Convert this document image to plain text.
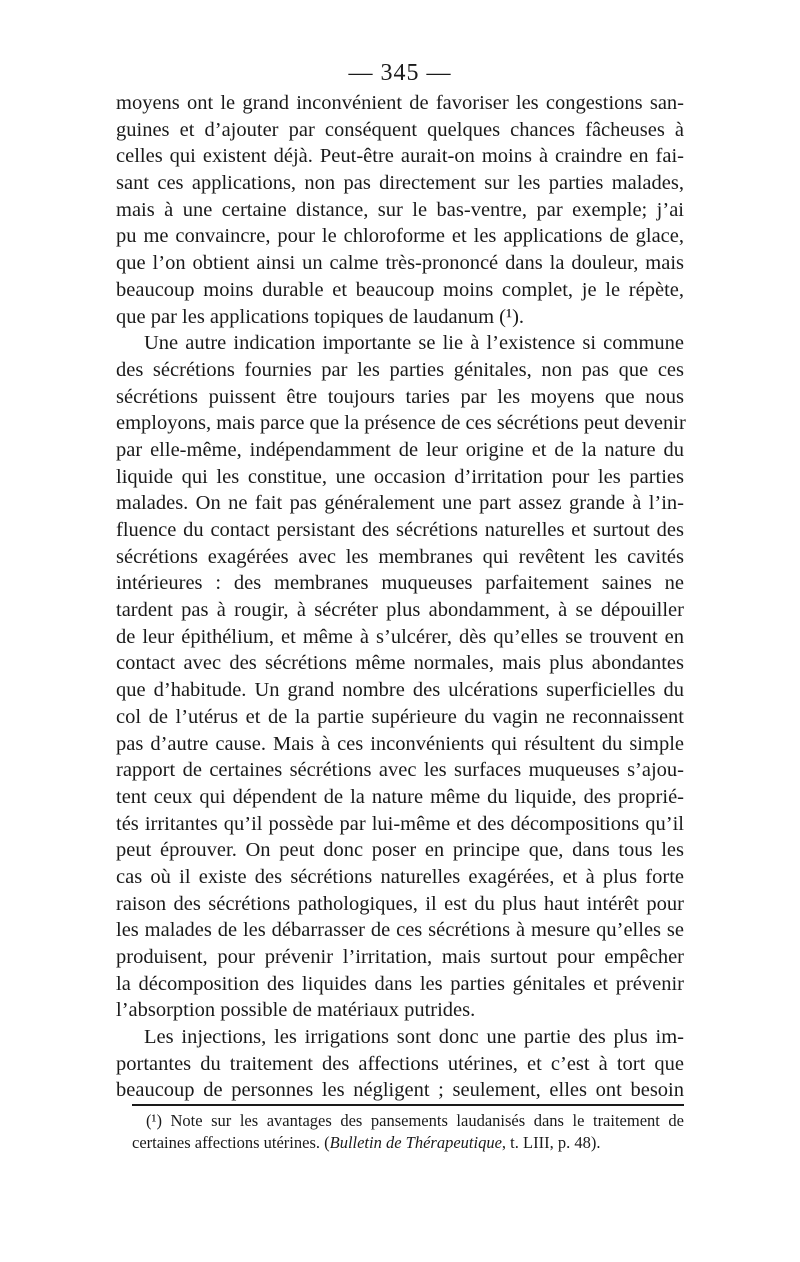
— 345 —
moyens ont le grand inconvénient de favoriser les congestions san-
guines et d’ajouter par conséquent quelques chances fâcheuses à
celles qui existent déjà. Peut-être aurait-on moins à craindre en fai-
sant ces applications, non pas directement sur les parties malades,
mais à une certaine distance, sur le bas-ventre, par exemple; j’ai
pu me convaincre, pour le chloroforme et les applications de glace,
que l’on obtient ainsi un calme très-prononcé dans la douleur, mais
beaucoup moins durable et beaucoup moins complet, je le répète,
que par les applications topiques de laudanum (¹).
Une autre indication importante se lie à l’existence si commune
des sécrétions fournies par les parties génitales, non pas que ces
sécrétions puissent être toujours taries par les moyens que nous
employons, mais parce que la présence de ces sécrétions peut devenir
par elle-même, indépendamment de leur origine et de la nature du
liquide qui les constitue, une occasion d’irritation pour les parties
malades. On ne fait pas généralement une part assez grande à l’in-
fluence du contact persistant des sécrétions naturelles et surtout des
sécrétions exagérées avec les membranes qui revêtent les cavités
intérieures : des membranes muqueuses parfaitement saines ne
tardent pas à rougir, à sécréter plus abondamment, à se dépouiller
de leur épithélium, et même à s’ulcérer, dès qu’elles se trouvent en
contact avec des sécrétions même normales, mais plus abondantes
que d’habitude. Un grand nombre des ulcérations superficielles du
col de l’utérus et de la partie supérieure du vagin ne reconnaissent
pas d’autre cause. Mais à ces inconvénients qui résultent du simple
rapport de certaines sécrétions avec les surfaces muqueuses s’ajou-
tent ceux qui dépendent de la nature même du liquide, des proprié-
tés irritantes qu’il possède par lui-même et des décompositions qu’il
peut éprouver. On peut donc poser en principe que, dans tous les
cas où il existe des sécrétions naturelles exagérées, et à plus forte
raison des sécrétions pathologiques, il est du plus haut intérêt pour
les malades de les débarrasser de ces sécrétions à mesure qu’elles se
produisent, pour prévenir l’irritation, mais surtout pour empêcher
la décomposition des liquides dans les parties génitales et prévenir
l’absorption possible de matériaux putrides.
Les injections, les irrigations sont donc une partie des plus im-
portantes du traitement des affections utérines, et c’est à tort que
beaucoup de personnes les négligent ; seulement, elles ont besoin
(¹) Note sur les avantages des pansements laudanisés dans le traitement de
certaines affections utérines. (Bulletin de Thérapeutique, t. LIII, p. 48).
